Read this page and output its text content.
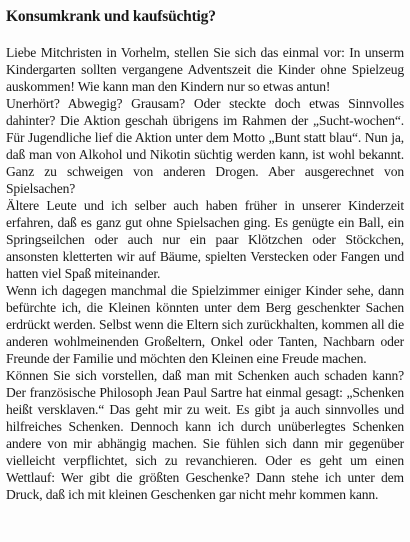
Konsumkrank und kaufsüchtig?

Liebe Mitchristen in Vorhelm, stellen Sie sich das einmal vor: In unserm Kindergarten sollten vergangene Adventszeit die Kinder ohne Spielzeug auskommen! Wie kann man den Kindern nur so etwas antun!

Unerhört? Abwegig? Grausam? Oder steckte doch etwas Sinnvolles dahinter? Die Aktion geschah übrigens im Rahmen der „Sucht-wochen“. Für Jugendliche lief die Aktion unter dem Motto „Bunt statt blau“. Nun ja, daß man von Alkohol und Nikotin süchtig werden kann, ist wohl bekannt. Ganz zu schweigen von anderen Drogen. Aber ausgerechnet von Spielsachen?

Ältere Leute und ich selber auch haben früher in unserer Kinderzeit erfahren, daß es ganz gut ohne Spielsachen ging. Es genügte ein Ball, ein Springseilchen oder auch nur ein paar Klötzchen oder Stöckchen, ansonsten kletterten wir auf Bäume, spielten Verstecken oder Fangen und hatten viel Spaß miteinander.

Wenn ich dagegen manchmal die Spielzimmer einiger Kinder sehe, dann befürchte ich, die Kleinen könnten unter dem Berg geschenkter Sachen erdrückt werden. Selbst wenn die Eltern sich zurückhalten, kommen all die anderen wohlmeinenden Großeltern, Onkel oder Tanten, Nachbarn oder Freunde der Familie und möchten den Kleinen eine Freude machen.

Können Sie sich vorstellen, daß man mit Schenken auch schaden kann? Der französische Philosoph Jean Paul Sartre hat einmal gesagt: „Schenken heißt versklaven.“ Das geht mir zu weit. Es gibt ja auch sinnvolles und hilfreiches Schenken. Dennoch kann ich durch unüberlegtes Schenken andere von mir abhängig machen. Sie fühlen sich dann mir gegenüber vielleicht verpflichtet, sich zu revanchieren. Oder es geht um einen Wettlauf: Wer gibt die größten Geschenke? Dann stehe ich unter dem Druck, daß ich mit kleinen Geschenken gar nicht mehr kommen kann.
